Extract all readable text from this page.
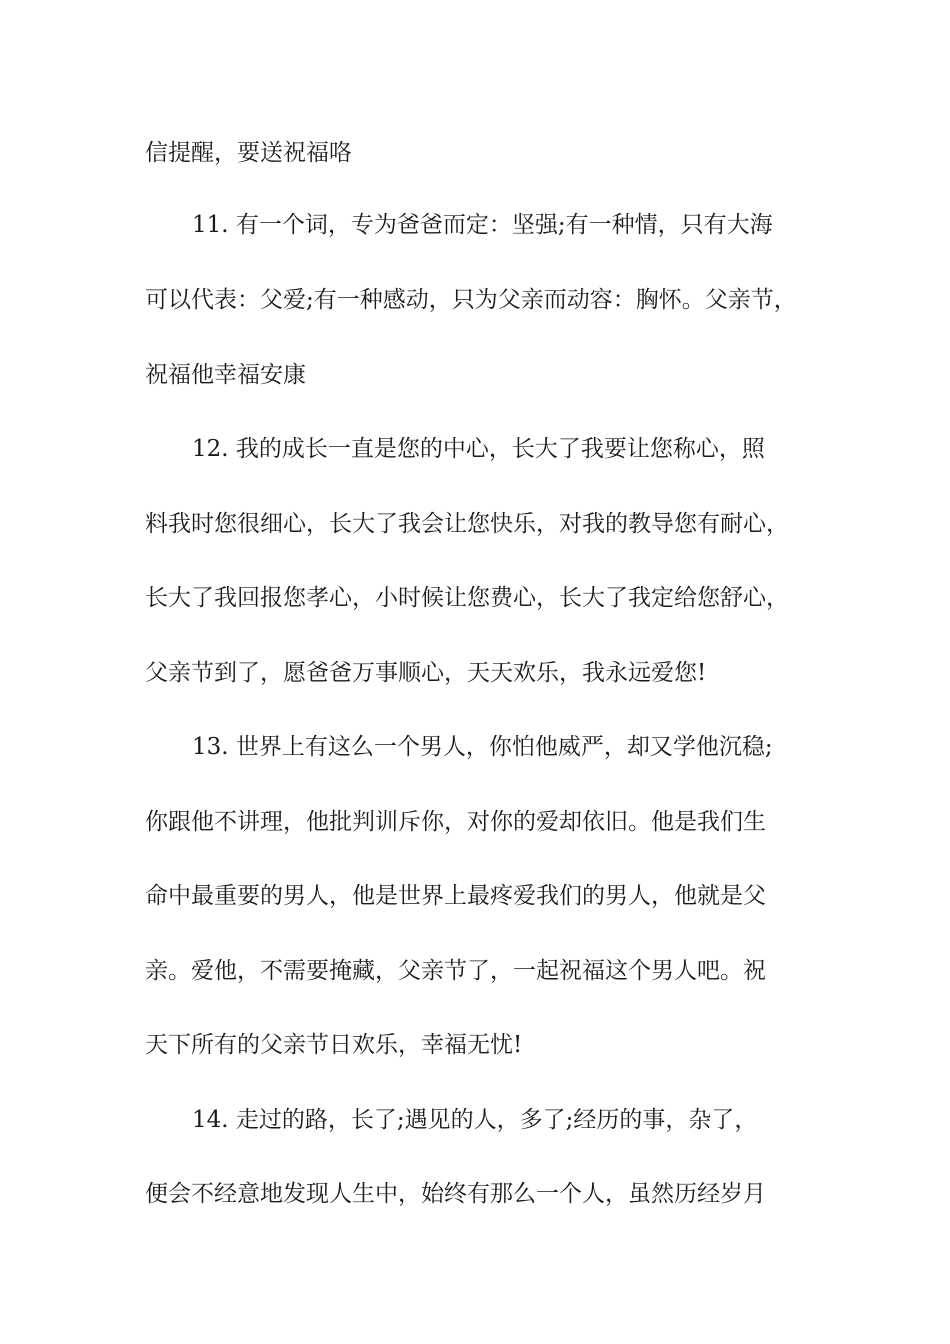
信提醒，要送祝福咯
11. 有一个词，专为爸爸而定：坚强;有一种情，只有大海
可以代表：父爱;有一种感动，只为父亲而动容：胸怀。父亲节，
祝福他幸福安康
12. 我的成长一直是您的中心，长大了我要让您称心，照
料我时您很细心，长大了我会让您快乐，对我的教导您有耐心，
长大了我回报您孝心，小时候让您费心，长大了我定给您舒心，
父亲节到了，愿爸爸万事顺心，天天欢乐，我永远爱您!
13. 世界上有这么一个男人，你怕他威严，却又学他沉稳;
你跟他不讲理，他批判训斥你，对你的爱却依旧。他是我们生
命中最重要的男人，他是世界上最疼爱我们的男人，他就是父
亲。爱他，不需要掩藏，父亲节了，一起祝福这个男人吧。祝
天下所有的父亲节日欢乐，幸福无忧!
14. 走过的路，长了;遇见的人，多了;经历的事，杂了，
便会不经意地发现人生中，始终有那么一个人，虽然历经岁月
